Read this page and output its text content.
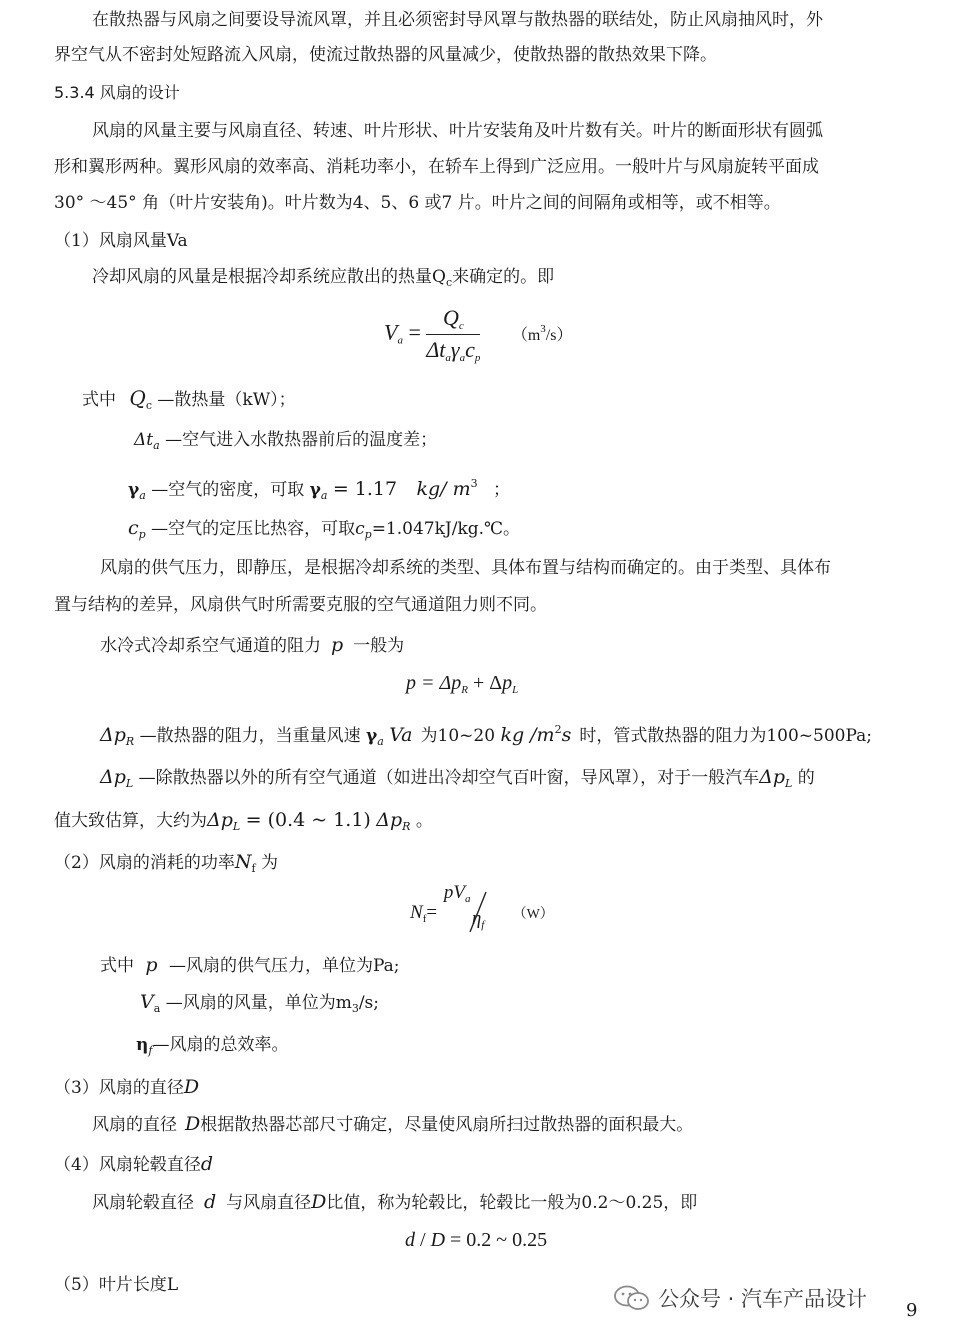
在散热器与风扇之间要设导流风罩，并且必须密封导风罩与散热器的联结处，防止风扇抽风时，外
界空气从不密封处短路流入风扇，使流过散热器的风量减少，使散热器的散热效果下降。
5.3.4 风扇的设计
风扇的风量主要与风扇直径、转速、叶片形状、叶片安装角及叶片数有关。叶片的断面形状有圆弧
形和翼形两种。翼形风扇的效率高、消耗功率小，在轿车上得到广泛应用。一般叶片与风扇旋转平面成
30° ～45° 角（叶片安装角)。叶片数为4、5、6 或7 片。叶片之间的间隔角或相等，或不相等。
（1）风扇风量Va
冷却风扇的风量是根据冷却系统应散出的热量$Q_c$来确定的。即
$V_a = \frac{Q_c}{\Delta t_a\gamma_ac_p} (m^3/s)$
式中 $Q_c$ —散热量（kW）；
$\Delta t_a$ —空气进入水散热器前后的温度差；
$\gamma_a$ —空气的密度，可取 $\gamma_a = 1.17$ kg/ $m^3$ ；
$c_p$ —空气的定压比热容，可取$c_p=1.047kJ/kg.℃$。
风扇的供气压力，即静压，是根据冷却系统的类型、具体布置与结构而确定的。由于类型、具体布
置与结构的差异，风扇供气时所需要克服的空气通道阻力则不同。
水冷式冷却系空气通道的阻力 p 一般为
$p = \Delta p_R + \Delta p_L$
$\Delta p_R$ —散热器的阻力，当重量风速 $\gamma_a$ Va 为10~20 kg $/m^2s$ 时，管式散热器的阻力为100~500Pa;
$\Delta p_L$ —除散热器以外的所有空气通道（如进出冷却空气百叶窗，导风罩），对于一般汽车$\Delta p_L$ 的
值大致估算，大约为$\Delta p_L = (0.4$ ~ 1.1) $\Delta p_R$ 。
（2）风扇的消耗的功率$N_f$ 为
$N_f=$
$pV_a$
$\eta_f$
（W）
式中 p —风扇的供气压力，单位为Pa;
$V_a$ —风扇的风量，单位为$m_3/s$;
$\eta_f—$风扇的总效率。
（3）风扇的直径D
风扇的直径 D根据散热器芯部尺寸确定，尽量使风扇所扫过散热器的面积最大。
（4）风扇轮毂直径d
风扇轮毂直径 d 与风扇直径D比值，称为轮毂比，轮毂比一般为0.2～0.25，即
d / D = 0.2 ~ 0.25
（5）叶片长度L
公众号 · 汽车产品设计 9
